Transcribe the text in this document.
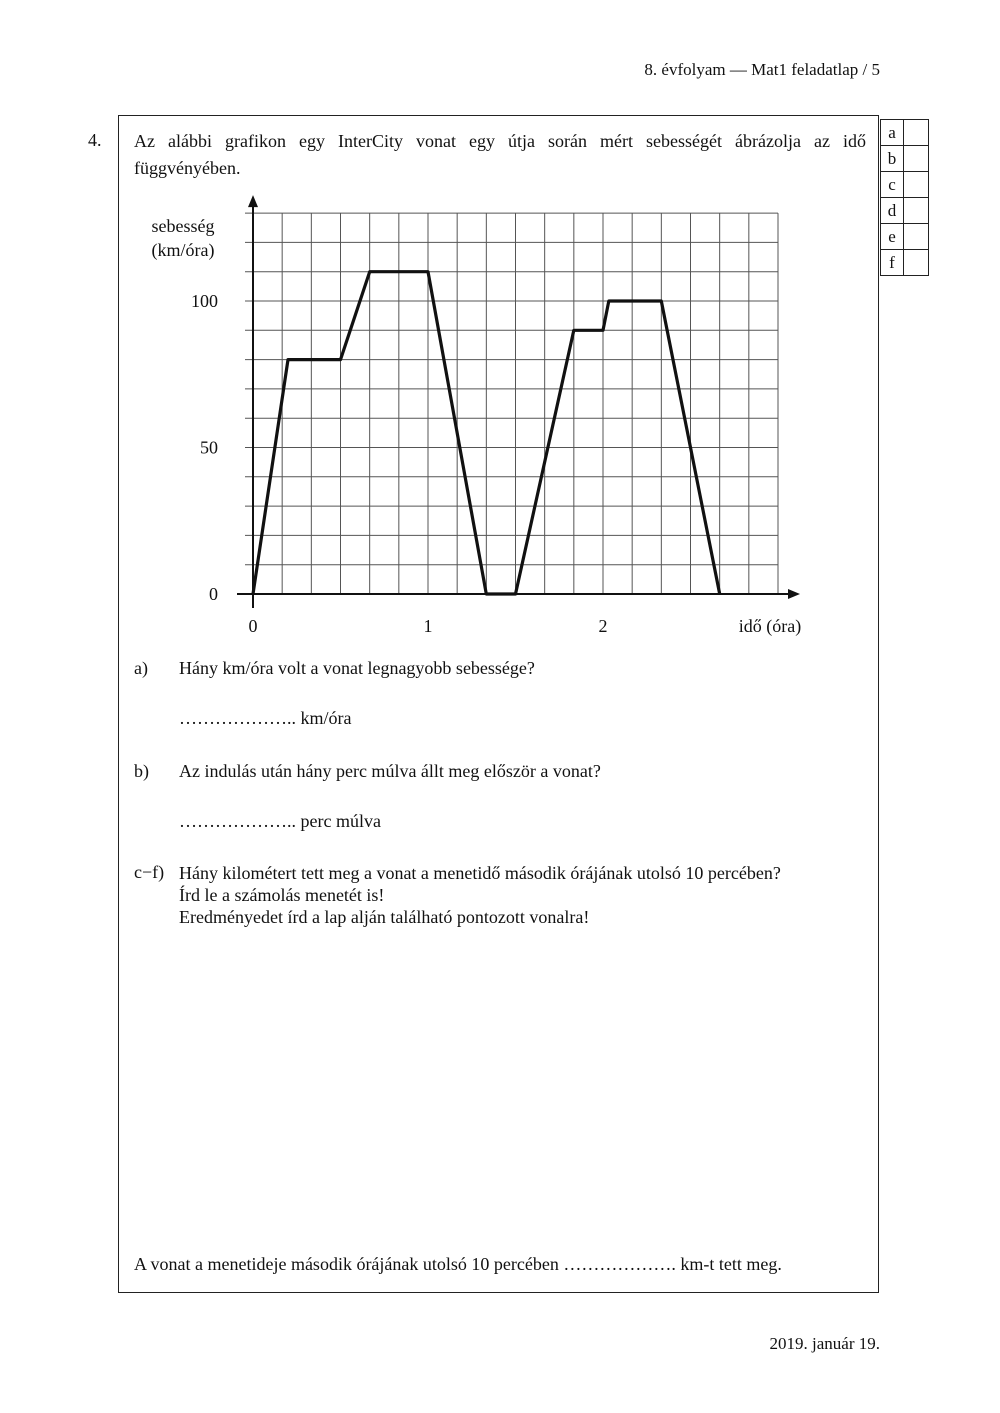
8. évfolyam — Mat1 feladatlap / 5
4. Az alábbi grafikon egy InterCity vonat egy útja során mért sebességét ábrázolja az idő függvényében.
a	
b	
c	
d	
e	
f	
0	1	2
0
50
100
sebesség
(km/óra)
idő (óra)
a) Hány km/óra volt a vonat legnagyobb sebessége?
……………….. km/óra
b) Az indulás után hány perc múlva állt meg először a vonat?
……………….. perc múlva
c−f) Hány kilométert tett meg a vonat a menetidő második órájának utolsó 10 percében?
Írd le a számolás menetét is!
Eredményedet írd a lap alján található pontozott vonalra!
A vonat a menetideje második órájának utolsó 10 percében ………………. km-t tett meg.
2019. január 19.
